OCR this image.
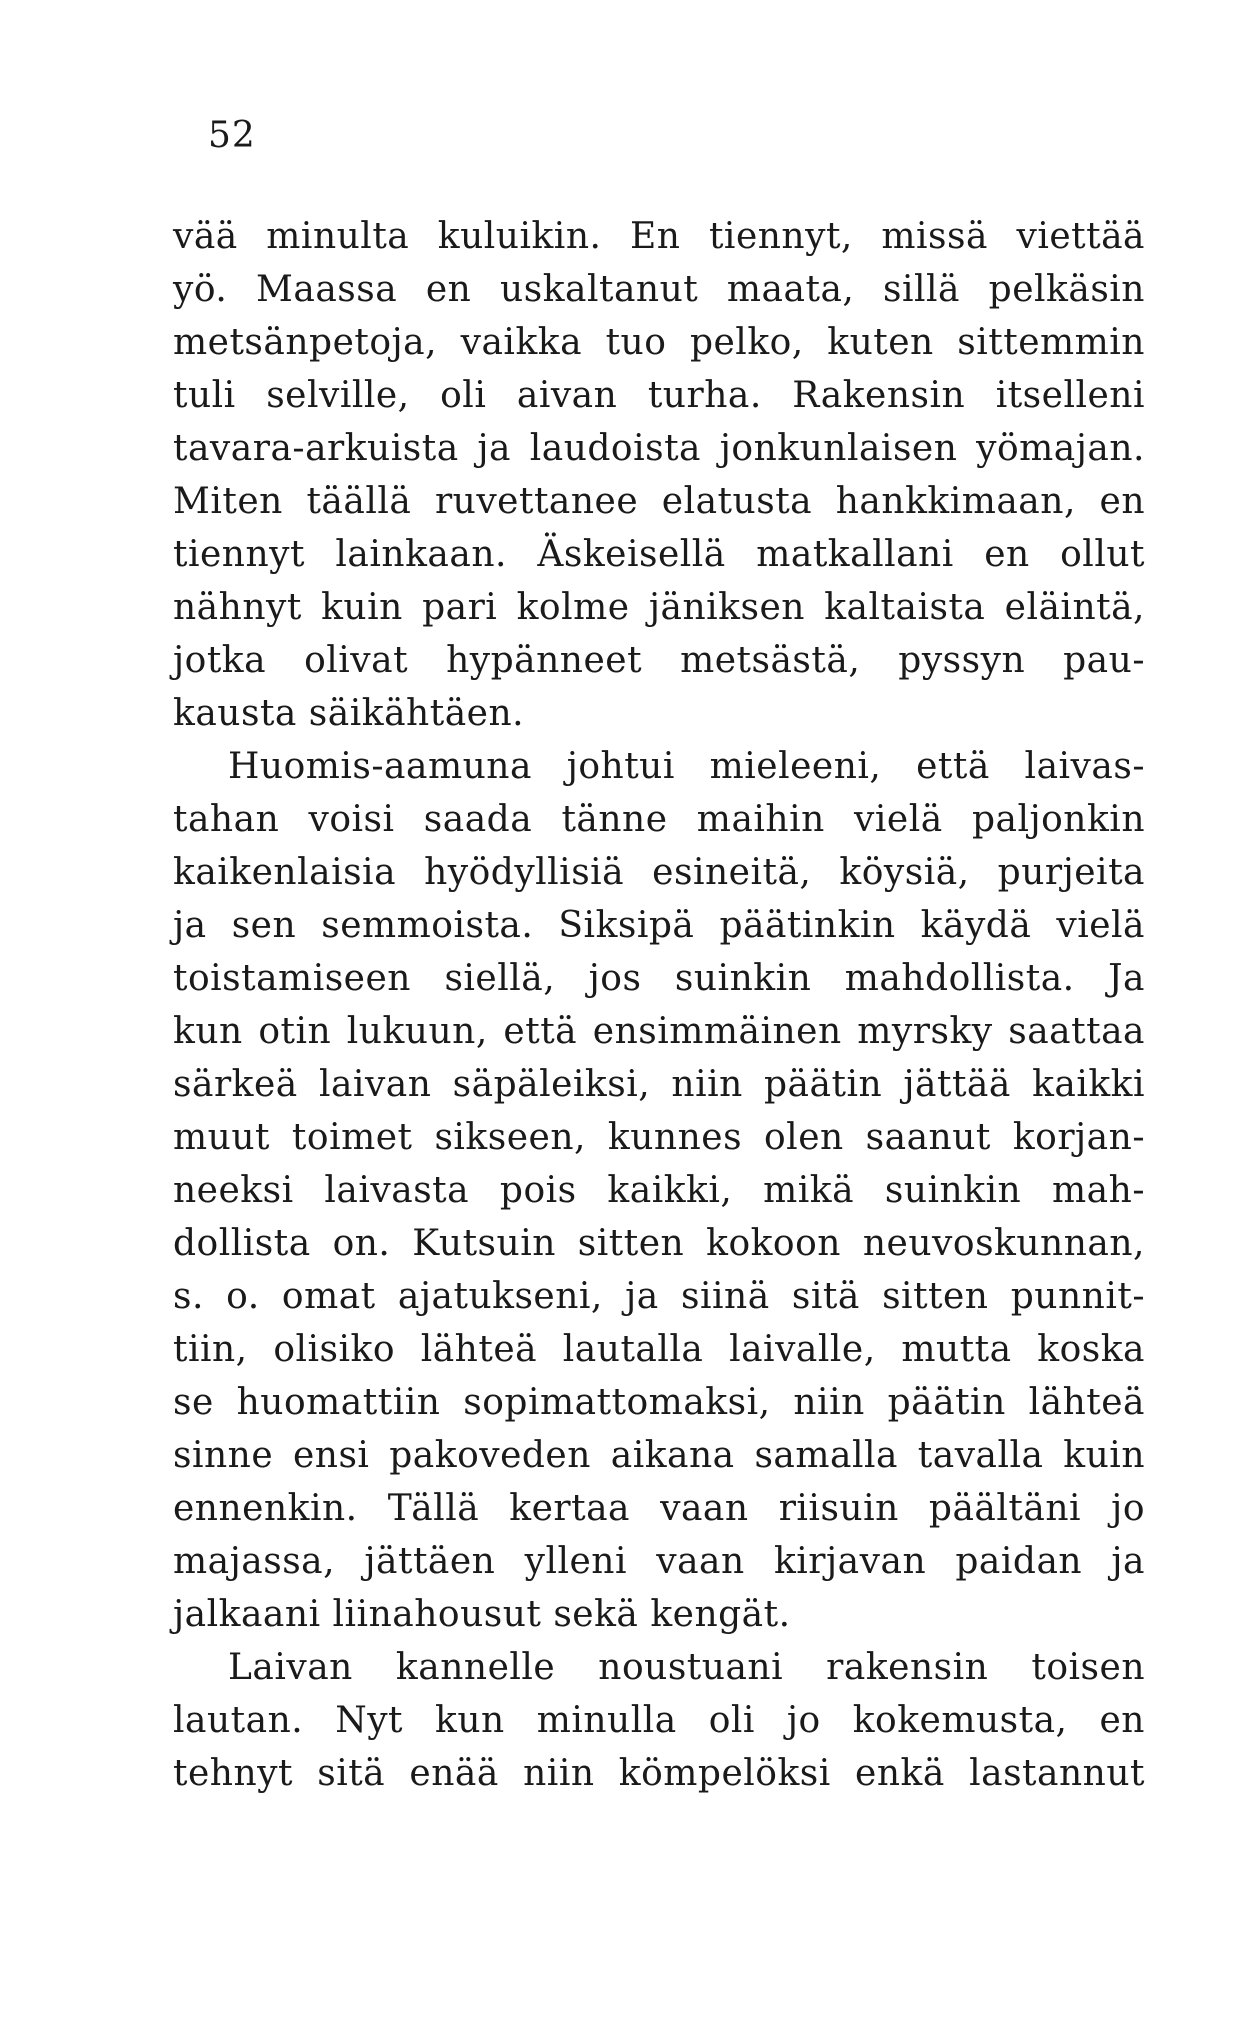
52
vää minulta kuluikin. En tiennyt, missä viettää
yö. Maassa en uskaltanut maata, sillä pelkäsin
metsänpetoja, vaikka tuo pelko, kuten sittemmin
tuli selville, oli aivan turha. Rakensin itselleni
tavara-arkuista ja laudoista jonkunlaisen yömajan.
Miten täällä ruvettanee elatusta hankkimaan, en
tiennyt lainkaan. Äskeisellä matkallani en ollut
nähnyt kuin pari kolme jäniksen kaltaista eläintä,
jotka olivat hypänneet metsästä, pyssyn pau-
kausta säikähtäen.
Huomis-aamuna johtui mieleeni, että laivas-
tahan voisi saada tänne maihin vielä paljonkin
kaikenlaisia hyödyllisiä esineitä, köysiä, purjeita
ja sen semmoista. Siksipä päätinkin käydä vielä
toistamiseen siellä, jos suinkin mahdollista. Ja
kun otin lukuun, että ensimmäinen myrsky saattaa
särkeä laivan säpäleiksi, niin päätin jättää kaikki
muut toimet sikseen, kunnes olen saanut korjan-
neeksi laivasta pois kaikki, mikä suinkin mah-
dollista on. Kutsuin sitten kokoon neuvoskunnan,
s. o. omat ajatukseni, ja siinä sitä sitten punnit-
tiin, olisiko lähteä lautalla laivalle, mutta koska
se huomattiin sopimattomaksi, niin päätin lähteä
sinne ensi pakoveden aikana samalla tavalla kuin
ennenkin. Tällä kertaa vaan riisuin päältäni jo
majassa, jättäen ylleni vaan kirjavan paidan ja
jalkaani liinahousut sekä kengät.
Laivan kannelle noustuani rakensin toisen
lautan. Nyt kun minulla oli jo kokemusta, en
tehnyt sitä enää niin kömpelöksi enkä lastannut
